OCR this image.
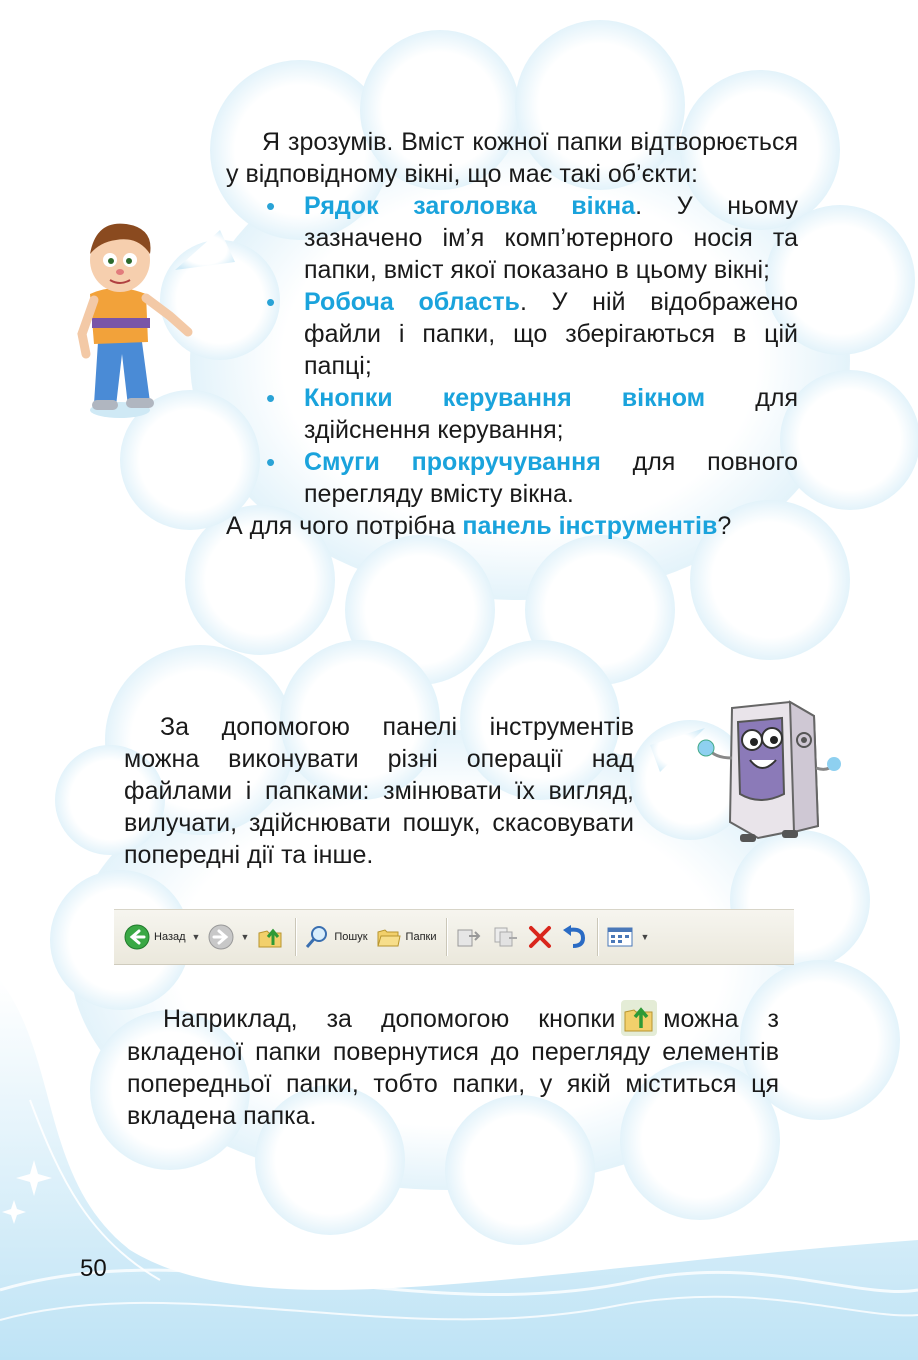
Я зрозумів. Вміст кожної папки відтворюється у відповідному вікні, що має такі об’єкти:

• Рядок заголовка вікна. У ньому зазначено ім’я комп’ютерного носія та папки, вміст якої показано в цьому вікні;
• Робоча область. У ній відображено файли і папки, що зберігаються в цій папці;
• Кнопки керування вікном для здійснення керування;
• Смуги прокручування для повного перегляду вмісту вікна.

А для чого потрібна панель інструментів?

За допомогою панелі інструментів можна виконувати різні операції над файлами і папками: змінювати їх вигляд, вилучати, здійснювати пошук, скасовувати попередні дії та інше.

Назад ▼	▼	Пошук	Папки	▼

Наприклад, за допомогою кнопки можна з вкладеної папки повернутися до перегляду елементів попередньої папки, тобто папки, у якій міститься ця вкладена папка.

50
